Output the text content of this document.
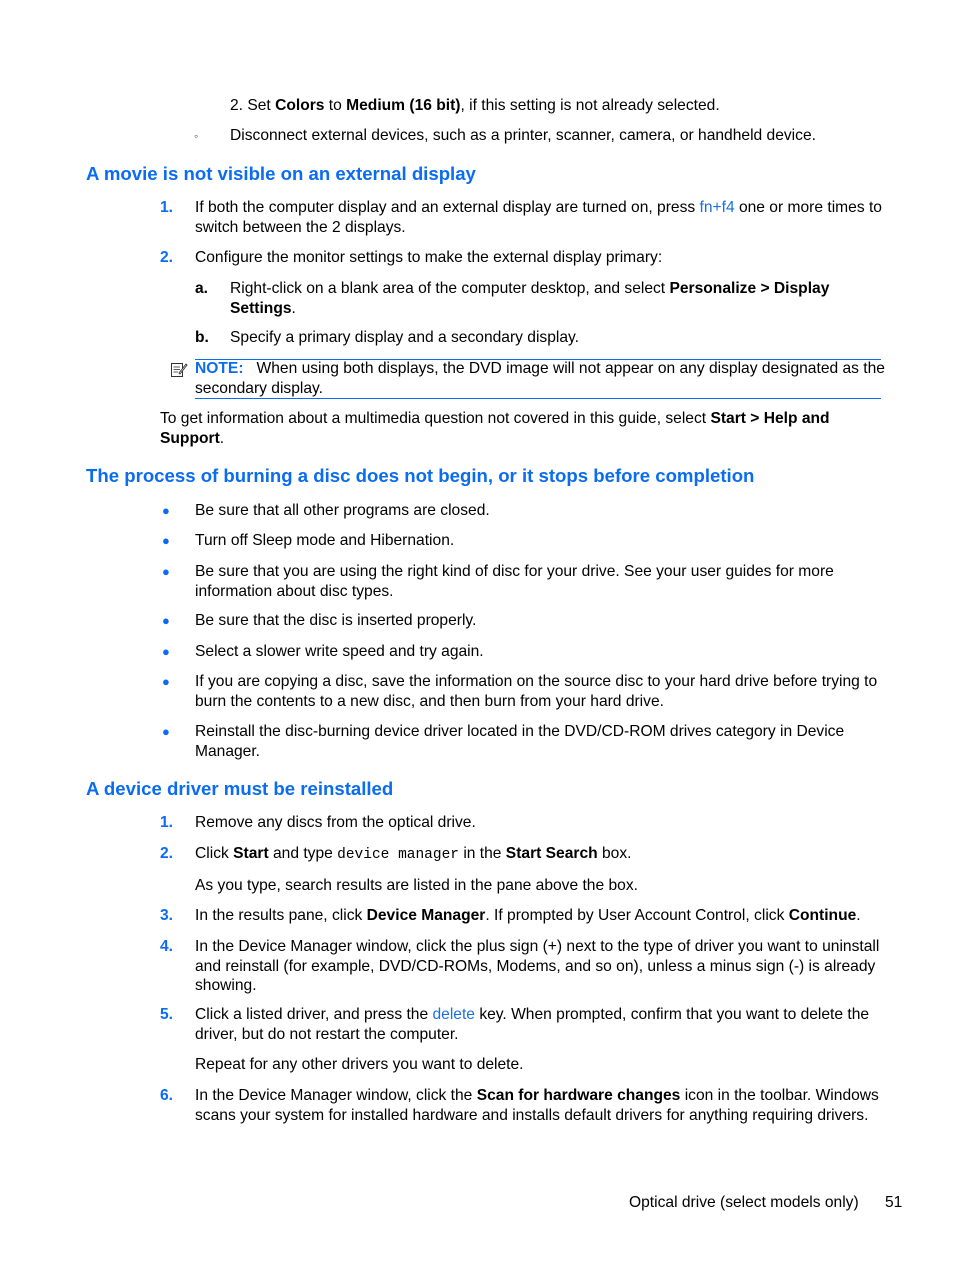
2. Set Colors to Medium (16 bit), if this setting is not already selected.
◦ Disconnect external devices, such as a printer, scanner, camera, or handheld device.
A movie is not visible on an external display
1. If both the computer display and an external display are turned on, press fn+f4 one or more times to switch between the 2 displays.
2. Configure the monitor settings to make the external display primary:
a. Right-click on a blank area of the computer desktop, and select Personalize > Display Settings.
b. Specify a primary display and a secondary display.
NOTE: When using both displays, the DVD image will not appear on any display designated as the secondary display.
To get information about a multimedia question not covered in this guide, select Start > Help and Support.
The process of burning a disc does not begin, or it stops before completion
● Be sure that all other programs are closed.
● Turn off Sleep mode and Hibernation.
● Be sure that you are using the right kind of disc for your drive. See your user guides for more information about disc types.
● Be sure that the disc is inserted properly.
● Select a slower write speed and try again.
● If you are copying a disc, save the information on the source disc to your hard drive before trying to burn the contents to a new disc, and then burn from your hard drive.
● Reinstall the disc-burning device driver located in the DVD/CD-ROM drives category in Device Manager.
A device driver must be reinstalled
1. Remove any discs from the optical drive.
2. Click Start and type device manager in the Start Search box.
As you type, search results are listed in the pane above the box.
3. In the results pane, click Device Manager. If prompted by User Account Control, click Continue.
4. In the Device Manager window, click the plus sign (+) next to the type of driver you want to uninstall and reinstall (for example, DVD/CD-ROMs, Modems, and so on), unless a minus sign (-) is already showing.
5. Click a listed driver, and press the delete key. When prompted, confirm that you want to delete the driver, but do not restart the computer.
Repeat for any other drivers you want to delete.
6. In the Device Manager window, click the Scan for hardware changes icon in the toolbar. Windows scans your system for installed hardware and installs default drivers for anything requiring drivers.
Optical drive (select models only) 51
